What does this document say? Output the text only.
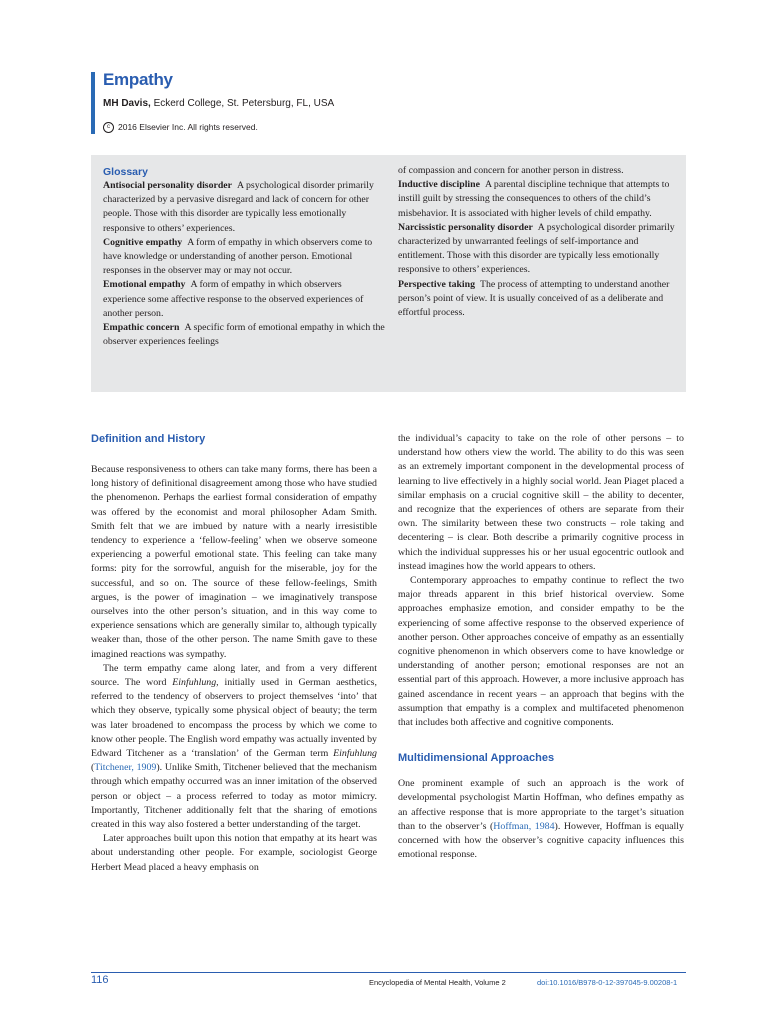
Empathy
MH Davis, Eckerd College, St. Petersburg, FL, USA
c 2016 Elsevier Inc. All rights reserved.
Glossary
Antisocial personality disorder A psychological disorder primarily characterized by a pervasive disregard and lack of concern for other people. Those with this disorder are typically less emotionally responsive to others’ experiences.
Cognitive empathy A form of empathy in which observers come to have knowledge or understanding of another person. Emotional responses in the observer may or may not occur.
Emotional empathy A form of empathy in which observers experience some affective response to the observed experiences of another person.
Empathic concern A specific form of emotional empathy in which the observer experiences feelings
of compassion and concern for another person in distress.
Inductive discipline A parental discipline technique that attempts to instill guilt by stressing the consequences to others of the child’s misbehavior. It is associated with higher levels of child empathy.
Narcissistic personality disorder A psychological disorder primarily characterized by unwarranted feelings of self-importance and entitlement. Those with this disorder are typically less emotionally responsive to others’ experiences.
Perspective taking The process of attempting to understand another person’s point of view. It is usually conceived of as a deliberate and effortful process.
Definition and History

Because responsiveness to others can take many forms, there has been a long history of definitional disagreement among those who have studied the phenomenon. Perhaps the earliest formal consideration of empathy was offered by the economist and moral philosopher Adam Smith. Smith felt that we are imbued by nature with a nearly irresistible tendency to experience a ‘fellow-feeling’ when we observe someone experiencing a powerful emotional state. This feeling can take many forms: pity for the sorrowful, anguish for the miserable, joy for the successful, and so on. The source of these fellow-feelings, Smith argues, is the power of imagination – we imaginatively transpose ourselves into the other person’s situation, and in this way come to experience sensations which are generally similar to, although typically weaker than, those of the other person. The name Smith gave to these imagined reactions was sympathy.

The term empathy came along later, and from a very different source. The word Einfuhlung, initially used in German aesthetics, referred to the tendency of observers to project themselves ‘into’ that which they observe, typically some physical object of beauty; the term was later broadened to encompass the process by which we come to know other people. The English word empathy was actually invented by Edward Titchener as a ‘translation’ of the German term Einfuhlung (Titchener, 1909). Unlike Smith, Titchener believed that the mechanism through which empathy occurred was an inner imitation of the observed person or object – a process referred to today as motor mimicry. Importantly, Titchener additionally felt that the sharing of emotions created in this way also fostered a better understanding of the target.

Later approaches built upon this notion that empathy at its heart was about understanding other people. For example, sociologist George Herbert Mead placed a heavy emphasis on

the individual’s capacity to take on the role of other persons – to understand how others view the world. The ability to do this was seen as an extremely important component in the developmental process of learning to live effectively in a highly social world. Jean Piaget placed a similar emphasis on a crucial cognitive skill – the ability to decenter, and recognize that the experiences of others are separate from their own. The similarity between these two constructs – role taking and decentering – is clear. Both describe a primarily cognitive process in which the individual suppresses his or her usual egocentric outlook and instead imagines how the world appears to others.

Contemporary approaches to empathy continue to reflect the two major threads apparent in this brief historical overview. Some approaches emphasize emotion, and consider empathy to be the experiencing of some affective response to the observed experience of another person. Other approaches conceive of empathy as an essentially cognitive phenomenon in which observers come to have knowledge or understanding of another person; emotional responses are not an essential part of this approach. However, a more inclusive approach has gained ascendance in recent years – an approach that begins with the assumption that empathy is a complex and multifaceted phenomenon that includes both affective and cognitive components.

Multidimensional Approaches

One prominent example of such an approach is the work of developmental psychologist Martin Hoffman, who defines empathy as an affective response that is more appropriate to the target’s situation than to the observer’s (Hoffman, 1984). However, Hoffman is equally concerned with how the observer’s cognitive capacity influences this emotional response.

116	Encyclopedia of Mental Health, Volume 2	doi:10.1016/B978-0-12-397045-9.00208-1
